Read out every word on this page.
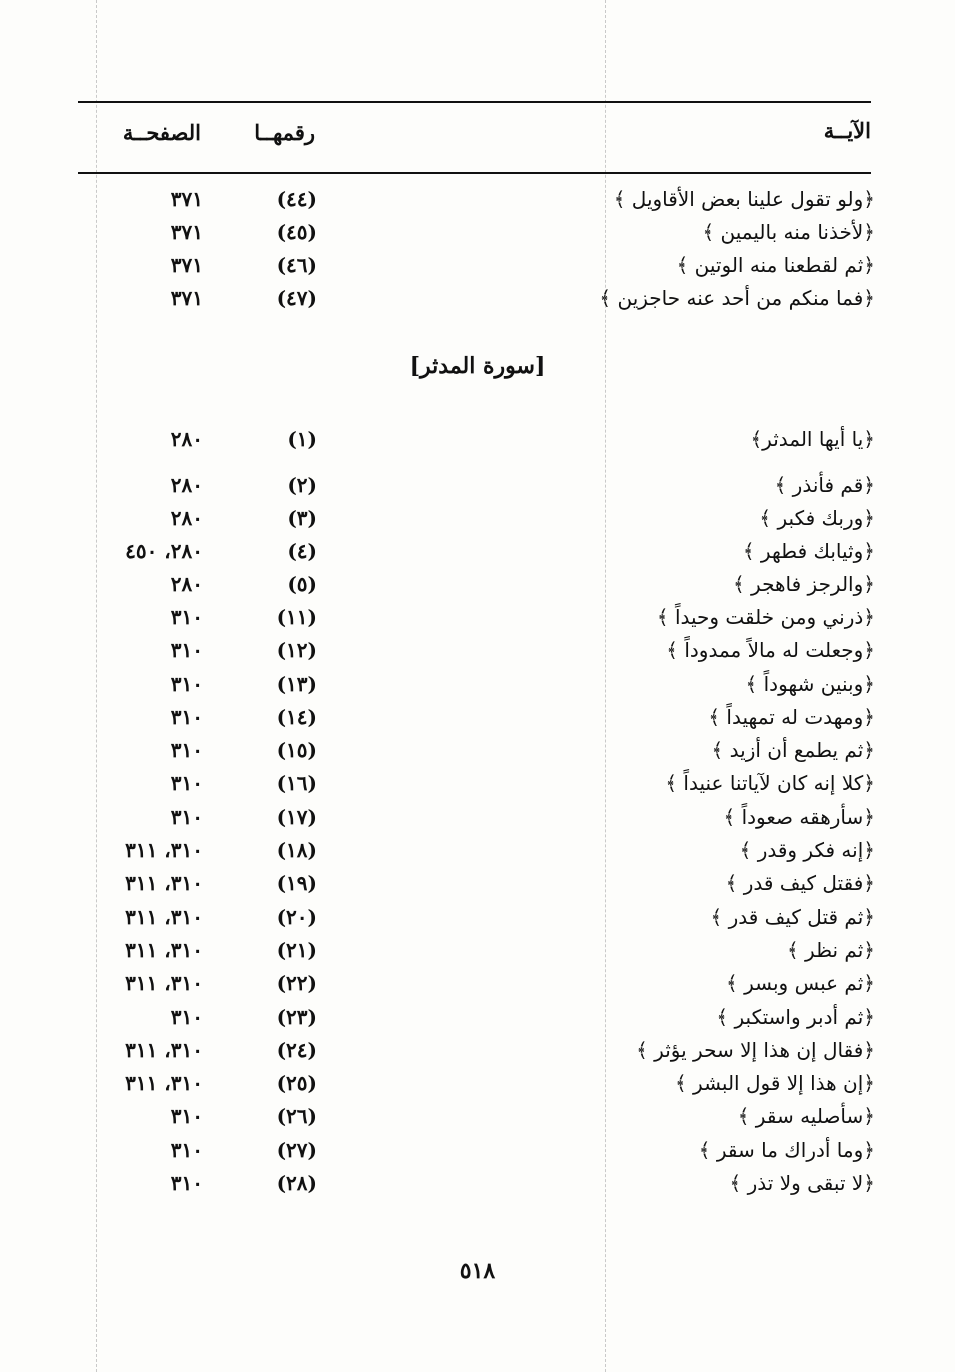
الآيــة
رقمهــا
الصفحــة
﴿ولو تقول علينا بعض الأقاويل ﴾
(٤٤)
٣٧١
﴿لأخذنا منه باليمين ﴾
(٤٥)
٣٧١
﴿ثم لقطعنا منه الوتين ﴾
(٤٦)
٣٧١
﴿فما منكم من أحد عنه حاجزين ﴾
(٤٧)
٣٧١
[سورة المدثر]
﴿يا أيها المدثر﴾
(١)
٢٨٠
﴿قم فأنذر ﴾
(٢)
٢٨٠
﴿وربك فكبر ﴾
(٣)
٢٨٠
﴿وثيابك فطهر ﴾
(٤)
٢٨٠، ٤٥٠
﴿والرجز فاهجر ﴾
(٥)
٢٨٠
﴿ذرني ومن خلقت وحيداً ﴾
(١١)
٣١٠
﴿وجعلت له مالاً ممدوداً ﴾
(١٢)
٣١٠
﴿وبنين شهوداً ﴾
(١٣)
٣١٠
﴿ومهدت له تمهيداً ﴾
(١٤)
٣١٠
﴿ثم يطمع أن أزيد ﴾
(١٥)
٣١٠
﴿كلا إنه كان لآياتنا عنيداً ﴾
(١٦)
٣١٠
﴿سأرهقه صعوداً ﴾
(١٧)
٣١٠
﴿إنه فكر وقدر ﴾
(١٨)
٣١٠، ٣١١
﴿فقتل كيف قدر ﴾
(١٩)
٣١٠، ٣١١
﴿ثم قتل كيف قدر ﴾
(٢٠)
٣١٠، ٣١١
﴿ثم نظر ﴾
(٢١)
٣١٠، ٣١١
﴿ثم عبس وبسر ﴾
(٢٢)
٣١٠، ٣١١
﴿ثم أدبر واستكبر ﴾
(٢٣)
٣١٠
﴿فقال إن هذا إلا سحر يؤثر ﴾
(٢٤)
٣١٠، ٣١١
﴿إن هذا إلا قول البشر ﴾
(٢٥)
٣١٠، ٣١١
﴿سأصليه سقر ﴾
(٢٦)
٣١٠
﴿وما أدراك ما سقر ﴾
(٢٧)
٣١٠
﴿لا تبقى ولا تذر ﴾
(٢٨)
٣١٠
٥١٨
